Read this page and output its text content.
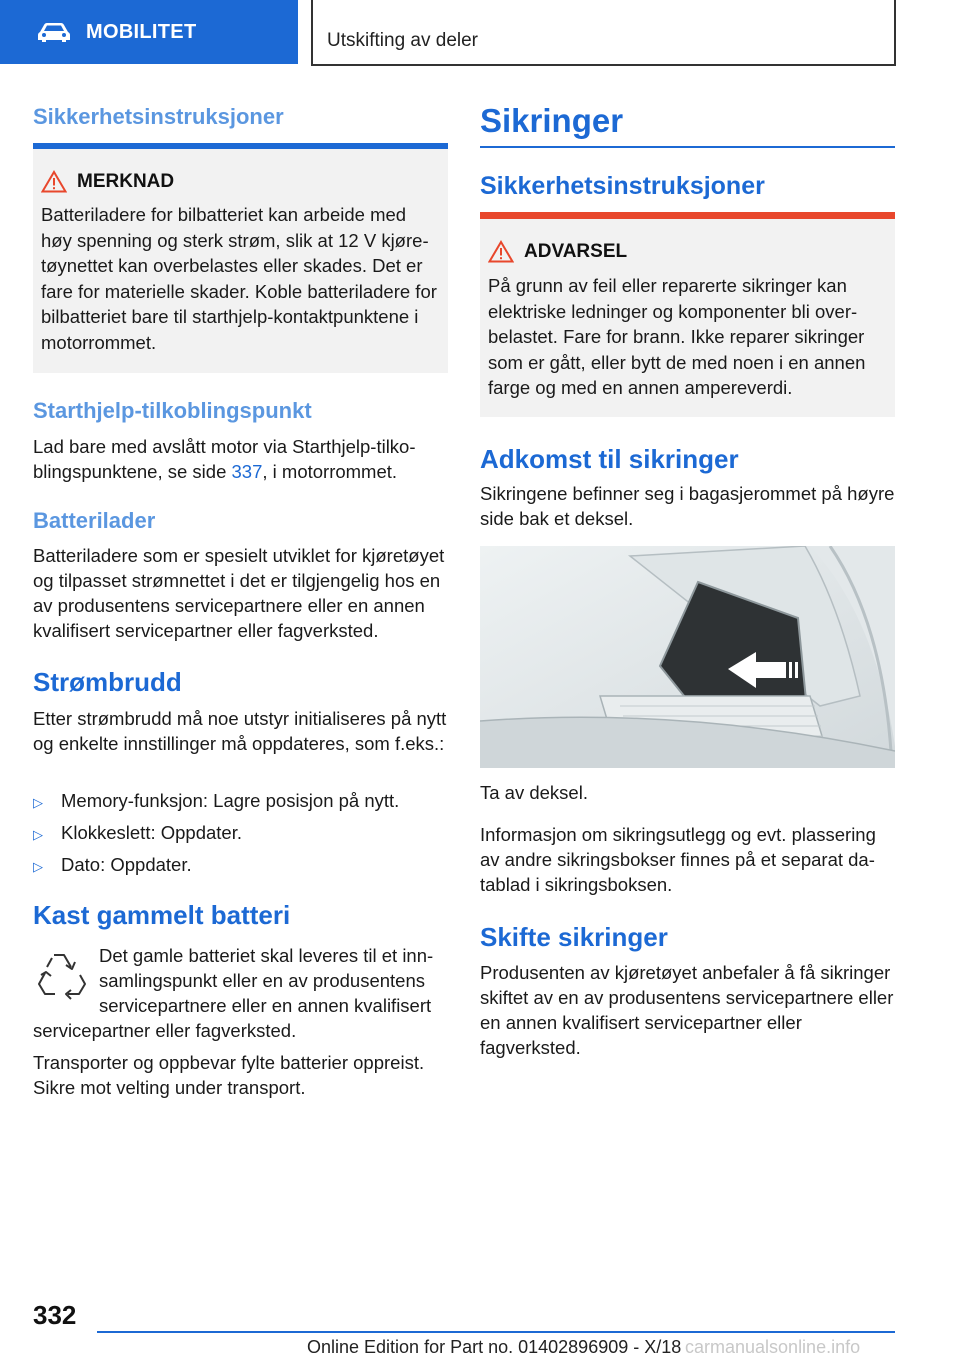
MOBILITET	Utskifting av deler
Sikkerhetsinstruksjoner
MERKNAD
Batteriladere for bilbatteriet kan arbeide med høy spenning og sterk strøm, slik at 12 V kjøretøynettet kan overbelastes eller skades. Det er fare for materielle skader. Koble batteriladere for bilbatteriet bare til starthjelp-kontaktpunktene i motorrommet.
Starthjelp-tilkoblingspunkt
Lad bare med avslått motor via Starthjelp-tilkoblingspunktene, se side 337, i motorrommet.
Batterilader
Batteriladere som er spesielt utviklet for kjøretøyet og tilpasset strømnettet i det er tilgjengelig hos en av produsentens servicepartnere eller en annen kvalifisert servicepartner eller fagverksted.
Strømbrudd
Etter strømbrudd må noe utstyr initialiseres på nytt og enkelte innstillinger må oppdateres, som f.eks.:
▷ Memory-funksjon: Lagre posisjon på nytt.
▷ Klokkeslett: Oppdater.
▷ Dato: Oppdater.
Kast gammelt batteri
Det gamle batteriet skal leveres til et innsamlingspunkt eller en av produsentens servicepartnere eller en annen kvalifisert servicepartner eller fagverksted.
Transporter og oppbevar fylte batterier oppreist. Sikre mot velting under transport.
Sikringer
Sikkerhetsinstruksjoner
ADVARSEL
På grunn av feil eller reparerte sikringer kan elektriske ledninger og komponenter bli overbelastet. Fare for brann. Ikke reparer sikringer som er gått, eller bytt de med noen i en annen farge og med en annen ampereverdi.
Adkomst til sikringer
Sikringene befinner seg i bagasjerommet på høyre side bak et deksel.
Ta av deksel.
Informasjon om sikringsutlegg og evt. plassering av andre sikringsbokser finnes på et separat datablad i sikringsboksen.
Skifte sikringer
Produsenten av kjøretøyet anbefaler å få sikringer skiftet av en av produsentens servicepartnere eller en annen kvalifisert servicepartner eller fagverksted.
332
Online Edition for Part no. 01402896909 - X/18 carmanualsonline.info
